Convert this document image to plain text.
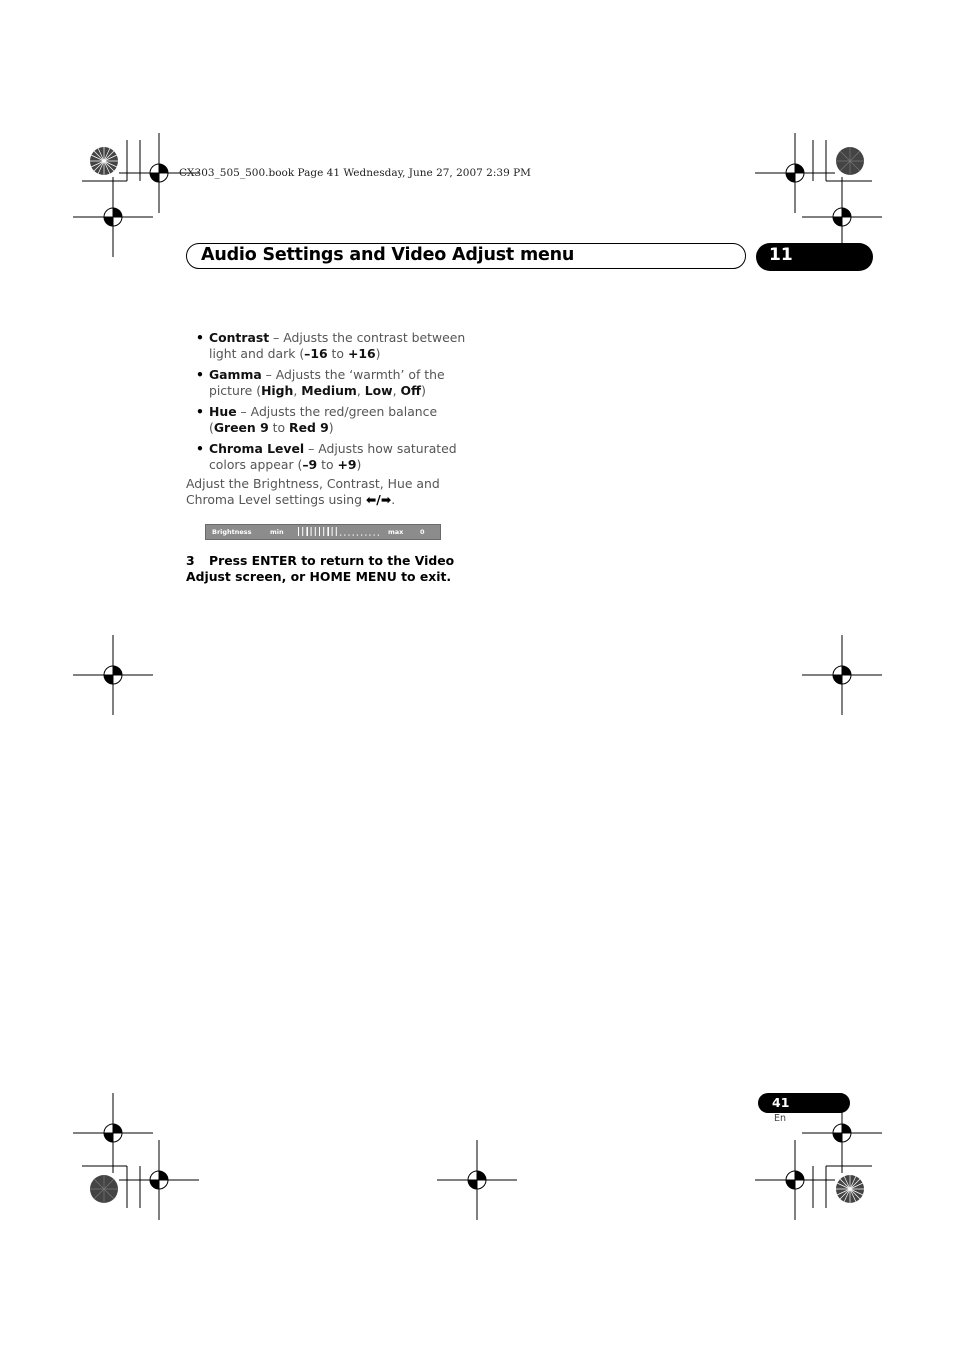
CX303_505_500.book Page 41 Wednesday, June 27, 2007 2:39 PM
Audio Settings and Video Adjust menu	11
• Contrast – Adjusts the contrast between light and dark (–16 to +16)
• Gamma – Adjusts the ‘warmth’ of the picture (High, Medium, Low, Off)
• Hue – Adjusts the red/green balance (Green 9 to Red 9)
• Chroma Level – Adjusts how saturated colors appear (–9 to +9)

Adjust the Brightness, Contrast, Hue and Chroma Level settings using ⬅/➡.

Brightness	min	max	0
3 Press ENTER to return to the Video Adjust screen, or HOME MENU to exit.
41
En
